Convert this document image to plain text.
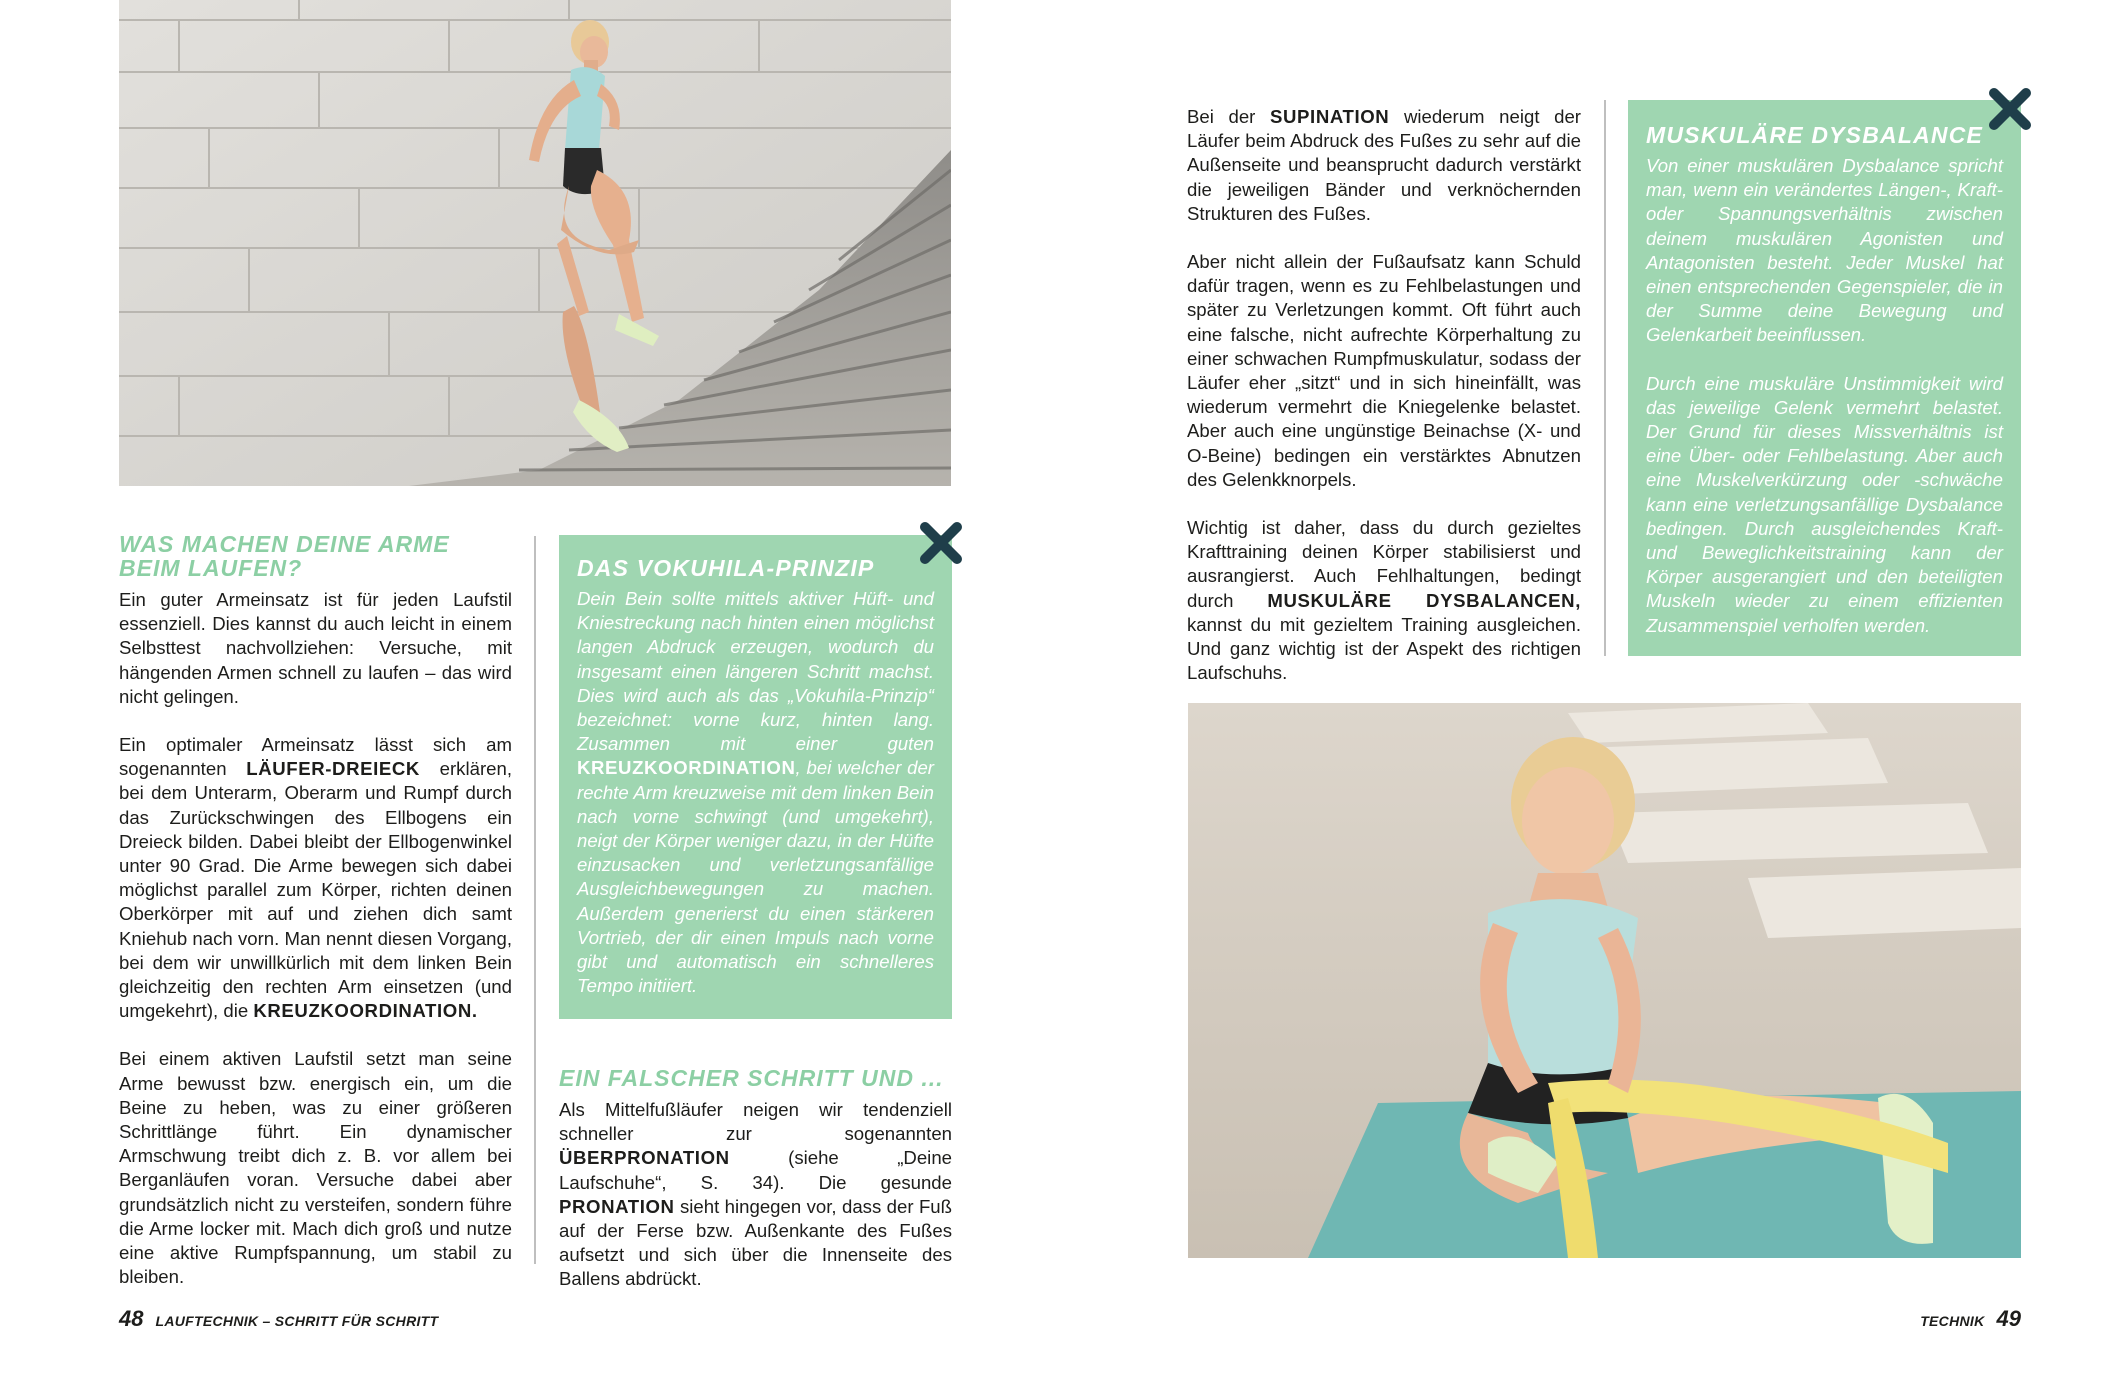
WAS MACHEN DEINE ARME
BEIM LAUFEN?

Ein guter Armeinsatz ist für jeden Laufstil essenziell. Dies kannst du auch leicht in einem Selbsttest nachvollziehen: Versuche, mit hängenden Armen schnell zu laufen – das wird nicht gelingen.

Ein optimaler Armeinsatz lässt sich am sogenannten LÄUFER-DREIECK erklären, bei dem Unterarm, Oberarm und Rumpf durch das Zurückschwingen des Ellbogens ein Dreieck bilden. Dabei bleibt der Ellbogenwinkel unter 90 Grad. Die Arme bewegen sich dabei möglichst parallel zum Körper, richten deinen Oberkörper mit auf und ziehen dich samt Kniehub nach vorn. Man nennt diesen Vorgang, bei dem wir unwillkürlich mit dem linken Bein gleichzeitig den rechten Arm einsetzen (und umgekehrt), die KREUZKOORDINATION.

Bei einem aktiven Laufstil setzt man seine Arme bewusst bzw. energisch ein, um die Beine zu heben, was zu einer größeren Schrittlänge führt. Ein dynamischer Armschwung treibt dich z. B. vor allem bei Berganläufen voran. Versuche dabei aber grundsätzlich nicht zu versteifen, sondern führe die Arme locker mit. Mach dich groß und nutze eine aktive Rumpfspannung, um stabil zu bleiben.

DAS VOKUHILA-PRINZIP
Dein Bein sollte mittels aktiver Hüft- und Kniestreckung nach hinten einen möglichst langen Abdruck erzeugen, wodurch du insgesamt einen längeren Schritt machst. Dies wird auch als das „Vokuhila-Prinzip“ bezeichnet: vorne kurz, hinten lang. Zusammen mit einer guten KREUZKOORDINATION, bei welcher der rechte Arm kreuzweise mit dem linken Bein nach vorne schwingt (und umgekehrt), neigt der Körper weniger dazu, in der Hüfte einzusacken und verletzungsanfällige Ausgleichbewegungen zu machen. Außerdem generierst du einen stärkeren Vortrieb, der dir einen Impuls nach vorne gibt und automatisch ein schnelleres Tempo initiiert.
EIN FALSCHER SCHRITT UND ...

Als Mittelfußläufer neigen wir tendenziell schneller zur sogenannten ÜBERPRONATION (siehe „Deine Laufschuhe“, S. 34). Die gesunde PRONATION sieht hingegen vor, dass der Fuß auf der Ferse bzw. Außenkante des Fußes aufsetzt und sich über die Innenseite des Ballens abdrückt.

48 LAUFTECHNIK – SCHRITT FÜR SCHRITT

Bei der SUPINATION wiederum neigt der Läufer beim Abdruck des Fußes zu sehr auf die Außenseite und beansprucht dadurch verstärkt die jeweiligen Bänder und verknöchernden Strukturen des Fußes.

Aber nicht allein der Fußaufsatz kann Schuld dafür tragen, wenn es zu Fehlbelastungen und später zu Verletzungen kommt. Oft führt auch eine falsche, nicht aufrechte Körperhaltung zu einer schwachen Rumpfmuskulatur, sodass der Läufer eher „sitzt“ und in sich hineinfällt, was wiederum vermehrt die Kniegelenke belastet. Aber auch eine ungünstige Beinachse (X- und O-Beine) bedingen ein verstärktes Abnutzen des Gelenkknorpels.

Wichtig ist daher, dass du durch gezieltes Krafttraining deinen Körper stabilisierst und ausrangierst. Auch Fehlhaltungen, bedingt durch MUSKULÄRE DYSBALANCEN, kannst du mit gezieltem Training ausgleichen. Und ganz wichtig ist der Aspekt des richtigen Laufschuhs.

MUSKULÄRE DYSBALANCE

Von einer muskulären Dysbalance spricht man, wenn ein verändertes Längen-, Kraft- oder Spannungsverhältnis zwischen deinem muskulären Agonisten und Antagonisten besteht. Jeder Muskel hat einen entsprechenden Gegenspieler, die in der Summe deine Bewegung und Gelenkarbeit beeinflussen.

Durch eine muskuläre Unstimmigkeit wird das jeweilige Gelenk vermehrt belastet. Der Grund für dieses Missverhältnis ist eine Über- oder Fehlbelastung. Aber auch eine Muskelverkürzung oder -schwäche kann eine verletzungsanfällige Dysbalance bedingen. Durch ausgleichendes Kraft- und Beweglichkeitstraining kann der Körper ausgerangiert und den beteiligten Muskeln wieder zu einem effizienten Zusammenspiel verholfen werden.

TECHNIK 49
